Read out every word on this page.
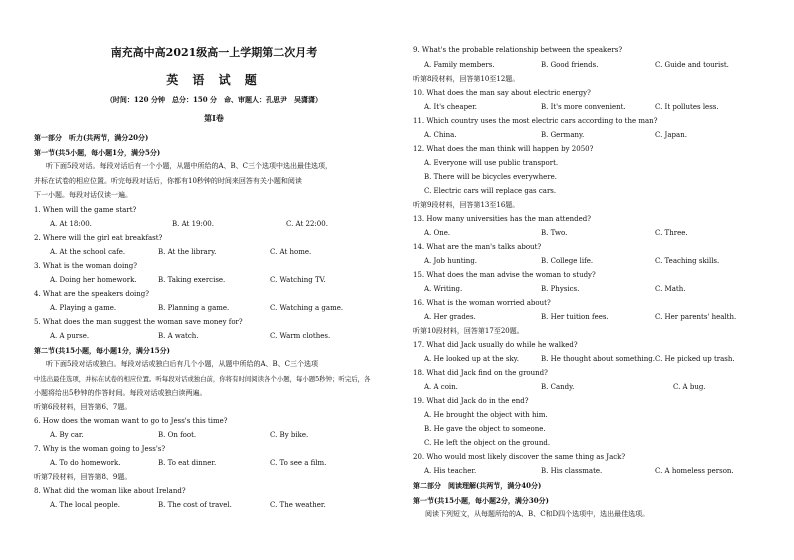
南充高中高2021级高一上学期第二次月考
英 语 试 题
（时间：120 分钟　总分：150 分　命、审题人：孔思尹　吴潇潇）
第Ⅰ卷
第一部分　听力(共两节，满分20分)
第一节(共5小题，每小题1分，满分5分)
听下面5段对话。每段对话后有一个小题，从题中所给的A、B、C三个选项中选出最佳选项，
并标在试卷的相应位置。听完每段对话后，你都有10秒钟的时间来回答有关小题和阅读
下一小题。每段对话仅读一遍。
1. When will the game start?
A. At 18:00.	B. At 19:00.	C. At 22:00.
2. Where will the girl eat breakfast?
A. At the school cafe.	B. At the library.	C. At home.
3. What is the woman doing?
A. Doing her homework.	B. Taking exercise.	C. Watching TV.
4. What are the speakers doing?
A. Playing a game.	B. Planning a game.	C. Watching a game.
5. What does the man suggest the woman save money for?
A. A purse.	B. A watch.	C. Warm clothes.
第二节(共15小题，每小题1分，满分15分)
听下面5段对话或独白。每段对话或独白后有几个小题，从题中所给的A、B、C三个选项
中选出最佳选项，并标在试卷的相应位置。听每段对话或独白前，你将有时间阅读各个小题，每小题5秒钟；听完后，各
小题将给出5秒钟的作答时间。每段对话或独白读两遍。
听第6段材料，回答第6、7题。
6. How does the woman want to go to Jess's this time?
A. By car.	B. On foot.	C. By bike.
7. Why is the woman going to Jess's?
A. To do homework.	B. To eat dinner.	C. To see a film.
听第7段材料，回答第8、9题。
8. What did the woman like about Ireland?
A. The local people.	B. The cost of travel.	C. The weather.
9. What's the probable relationship between the speakers?
A. Family members.	B. Good friends.	C. Guide and tourist.
听第8段材料，回答第10至12题。
10. What does the man say about electric energy?
A. It's cheaper.	B. It's more convenient.	C. It pollutes less.
11. Which country uses the most electric cars according to the man?
A. China.	B. Germany.	C. Japan.
12. What does the man think will happen by 2050?
A. Everyone will use public transport.
B. There will be bicycles everywhere.
C. Electric cars will replace gas cars.
听第9段材料，回答第13至16题。
13. How many universities has the man attended?
A. One.	B. Two.	C. Three.
14. What are the man's talks about?
A. Job hunting.	B. College life.	C. Teaching skills.
15. What does the man advise the woman to study?
A. Writing.	B. Physics.	C. Math.
16. What is the woman worried about?
A. Her grades.	B. Her tuition fees.	C. Her parents' health.
听第10段材料，回答第17至20题。
17. What did Jack usually do while he walked?
A. He looked up at the sky.	B. He thought about something. C. He picked up trash.
18. What did Jack find on the ground?
A. A coin.	B. Candy.	C. A bug.
19. What did Jack do in the end?
A. He brought the object with him.
B. He gave the object to someone.
C. He left the object on the ground.
20. Who would most likely discover the same thing as Jack?
A. His teacher.	B. His classmate.	C. A homeless person.
第二部分　阅读理解(共两节，满分40分)
第一节(共15小题，每小题2分，满分30分)
阅读下列短文，从每题所给的A、B、C和D四个选项中，选出最佳选项。
